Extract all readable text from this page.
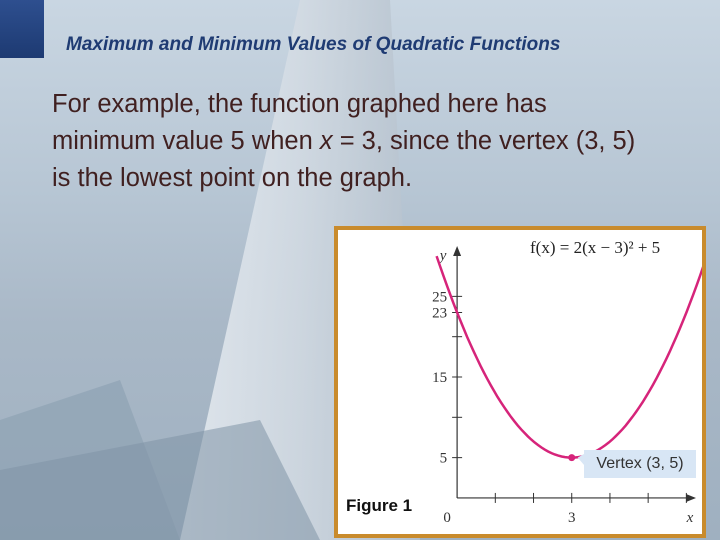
Maximum and Minimum Values of Quadratic Functions
For example, the function graphed here has minimum value 5 when x = 3, since the vertex (3, 5) is the lowest point on the graph.
5
15
23
25
0	3	x
y	f(x) = 2(x − 3)² + 5
Vertex (3, 5)
Figure 1
